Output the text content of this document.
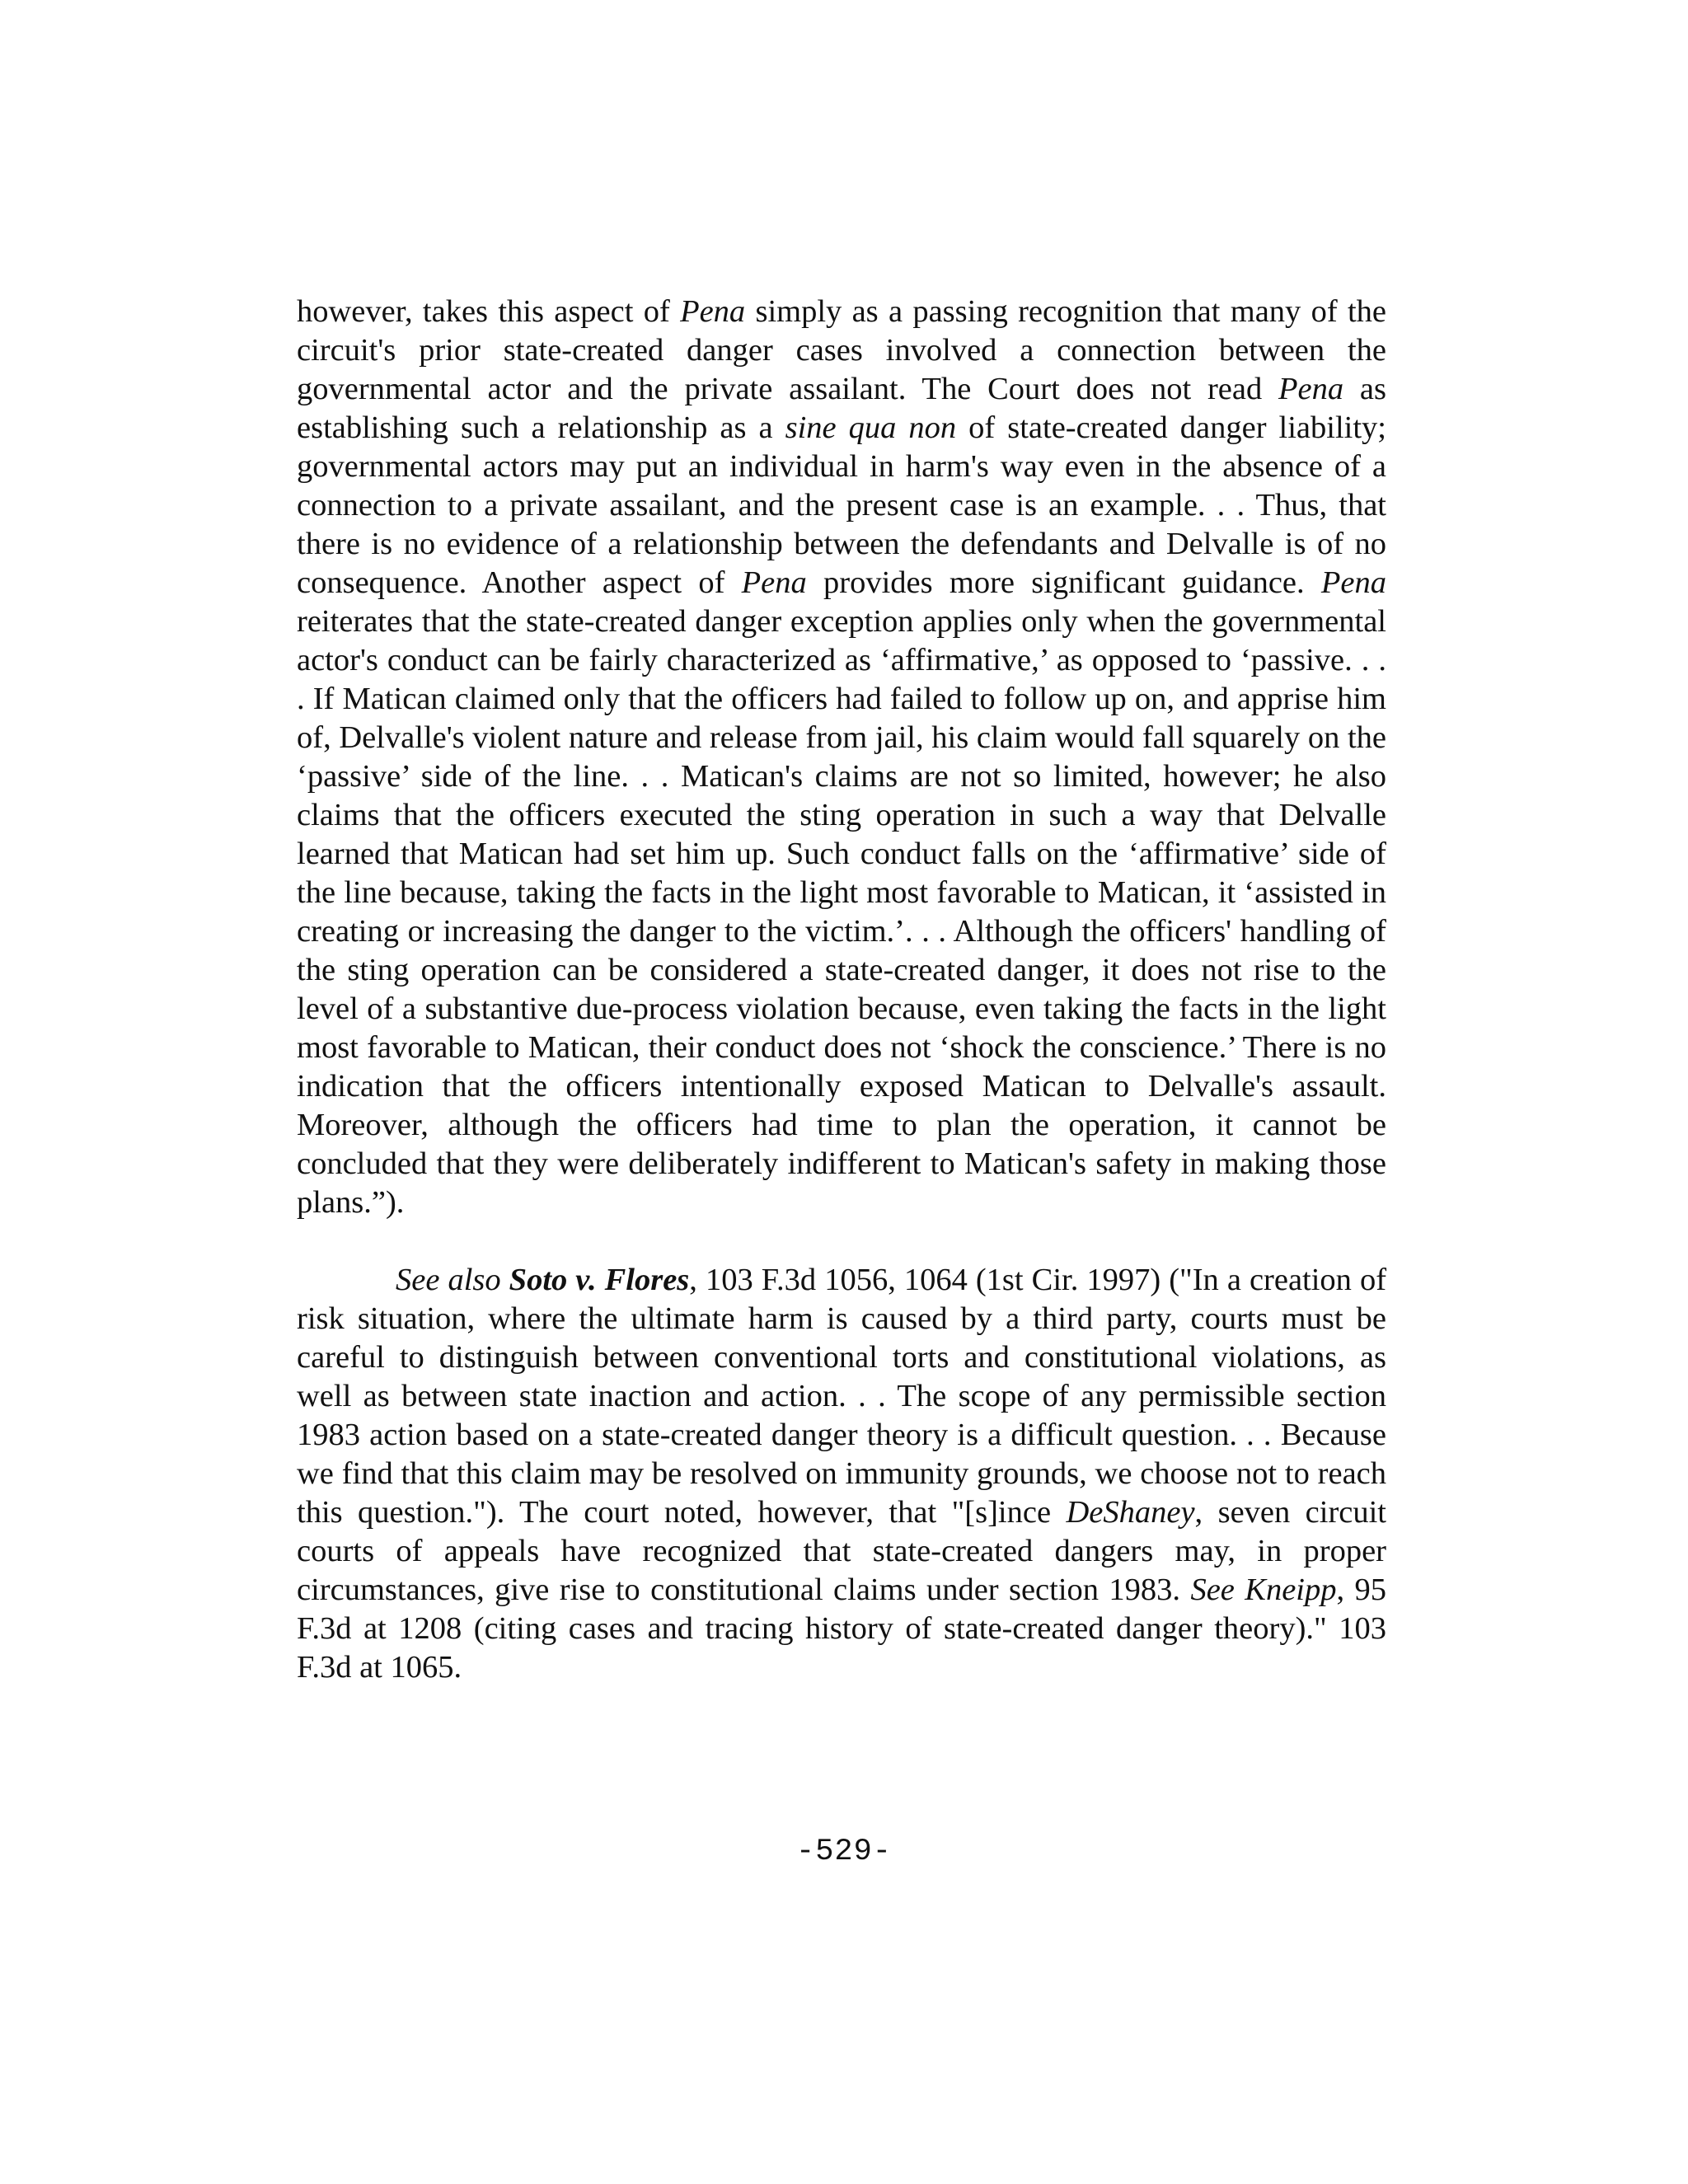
however, takes this aspect of Pena simply as a passing recognition that many of the circuit's prior state-created danger cases involved a connection between the governmental actor and the private assailant. The Court does not read Pena as establishing such a relationship as a sine qua non of state-created danger liability; governmental actors may put an individual in harm's way even in the absence of a connection to a private assailant, and the present case is an example. . . Thus, that there is no evidence of a relationship between the defendants and Delvalle is of no consequence. Another aspect of Pena provides more significant guidance. Pena reiterates that the state-created danger exception applies only when the governmental actor's conduct can be fairly characterized as ‘affirmative,’ as opposed to ‘passive. . . . If Matican claimed only that the officers had failed to follow up on, and apprise him of, Delvalle's violent nature and release from jail, his claim would fall squarely on the ‘passive’ side of the line. . . Matican's claims are not so limited, however; he also claims that the officers executed the sting operation in such a way that Delvalle learned that Matican had set him up. Such conduct falls on the ‘affirmative’ side of the line because, taking the facts in the light most favorable to Matican, it ‘assisted in creating or increasing the danger to the victim.’. . . Although the officers' handling of the sting operation can be considered a state-created danger, it does not rise to the level of a substantive due-process violation because, even taking the facts in the light most favorable to Matican, their conduct does not ‘shock the conscience.’ There is no indication that the officers intentionally exposed Matican to Delvalle's assault. Moreover, although the officers had time to plan the operation, it cannot be concluded that they were deliberately indifferent to Matican's safety in making those plans.”).

See also Soto v. Flores, 103 F.3d 1056, 1064 (1st Cir. 1997) ("In a creation of risk situation, where the ultimate harm is caused by a third party, courts must be careful to distinguish between conventional torts and constitutional violations, as well as between state inaction and action. . . The scope of any permissible section 1983 action based on a state-created danger theory is a difficult question. . . Because we find that this claim may be resolved on immunity grounds, we choose not to reach this question."). The court noted, however, that "[s]ince DeShaney, seven circuit courts of appeals have recognized that state-created dangers may, in proper circumstances, give rise to constitutional claims under section 1983. See Kneipp, 95 F.3d at 1208 (citing cases and tracing history of state-created danger theory)." 103 F.3d at 1065.

-529-
